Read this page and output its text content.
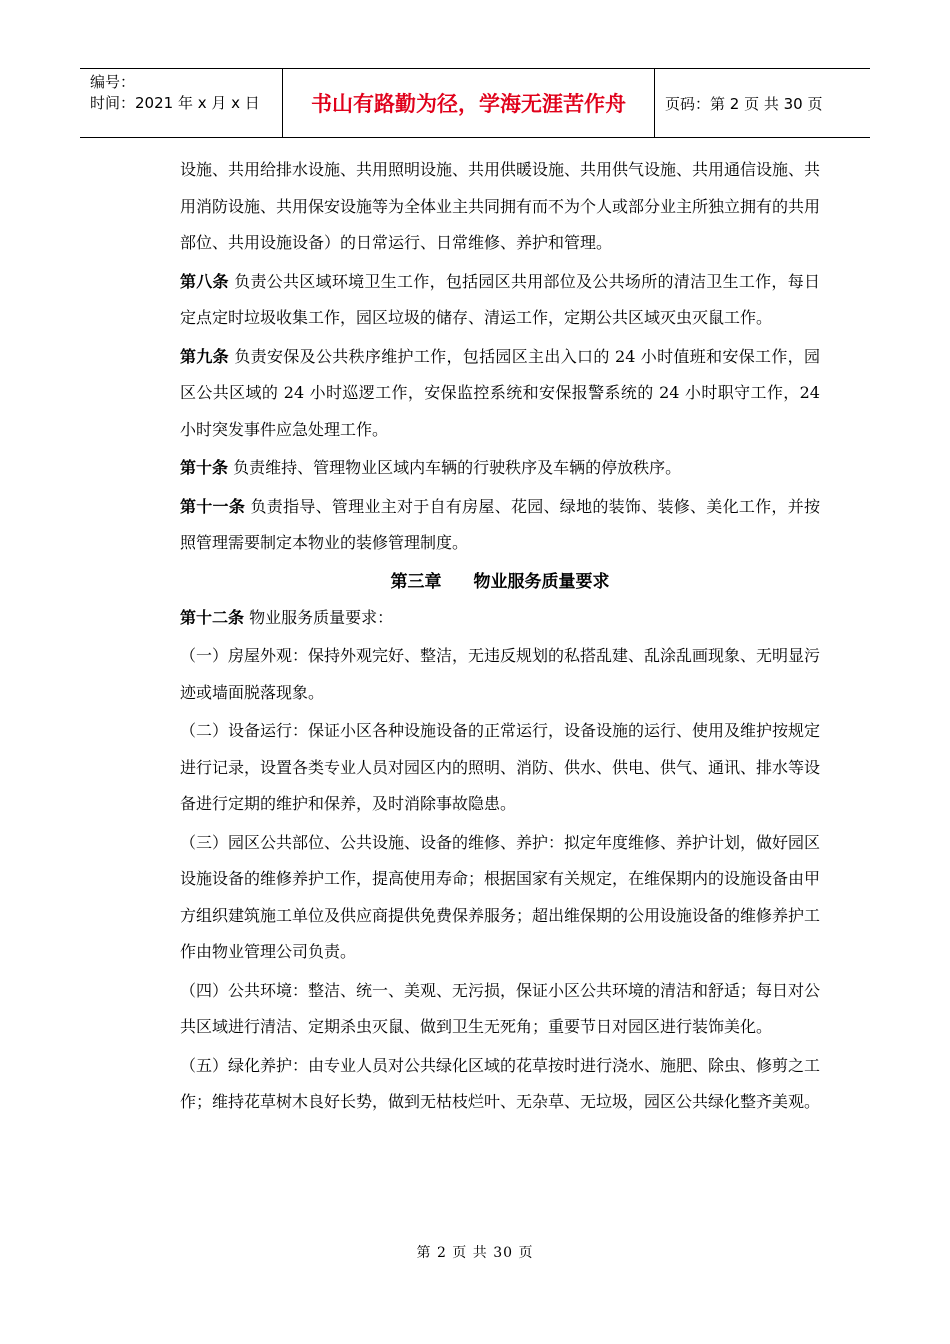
编号：
时间：2021 年 x 月 x 日	书山有路勤为径，学海无涯苦作舟	页码：第 2 页 共 30 页

设施、共用给排水设施、共用照明设施、共用供暖设施、共用供气设施、共用通信设施、共用消防设施、共用保安设施等为全体业主共同拥有而不为个人或部分业主所独立拥有的共用部位、共用设施设备）的日常运行、日常维修、养护和管理。

第八条 负责公共区域环境卫生工作，包括园区共用部位及公共场所的清洁卫生工作，每日定点定时垃圾收集工作，园区垃圾的储存、清运工作，定期公共区域灭虫灭鼠工作。

第九条 负责安保及公共秩序维护工作，包括园区主出入口的 24 小时值班和安保工作，园区公共区域的 24 小时巡逻工作，安保监控系统和安保报警系统的 24 小时职守工作，24 小时突发事件应急处理工作。

第十条 负责维持、管理物业区域内车辆的行驶秩序及车辆的停放秩序。

第十一条 负责指导、管理业主对于自有房屋、花园、绿地的装饰、装修、美化工作，并按照管理需要制定本物业的装修管理制度。

第三章 物业服务质量要求

第十二条 物业服务质量要求：

（一）房屋外观：保持外观完好、整洁，无违反规划的私搭乱建、乱涂乱画现象、无明显污迹或墙面脱落现象。

（二）设备运行：保证小区各种设施设备的正常运行，设备设施的运行、使用及维护按规定进行记录，设置各类专业人员对园区内的照明、消防、供水、供电、供气、通讯、排水等设备进行定期的维护和保养，及时消除事故隐患。

（三）园区公共部位、公共设施、设备的维修、养护：拟定年度维修、养护计划，做好园区设施设备的维修养护工作，提高使用寿命；根据国家有关规定，在维保期内的设施设备由甲方组织建筑施工单位及供应商提供免费保养服务；超出维保期的公用设施设备的维修养护工作由物业管理公司负责。

（四）公共环境：整洁、统一、美观、无污损，保证小区公共环境的清洁和舒适；每日对公共区域进行清洁、定期杀虫灭鼠、做到卫生无死角；重要节日对园区进行装饰美化。

（五）绿化养护：由专业人员对公共绿化区域的花草按时进行浇水、施肥、除虫、修剪之工作；维持花草树木良好长势，做到无枯枝烂叶、无杂草、无垃圾，园区公共绿化整齐美观。

第 2 页 共 30 页
